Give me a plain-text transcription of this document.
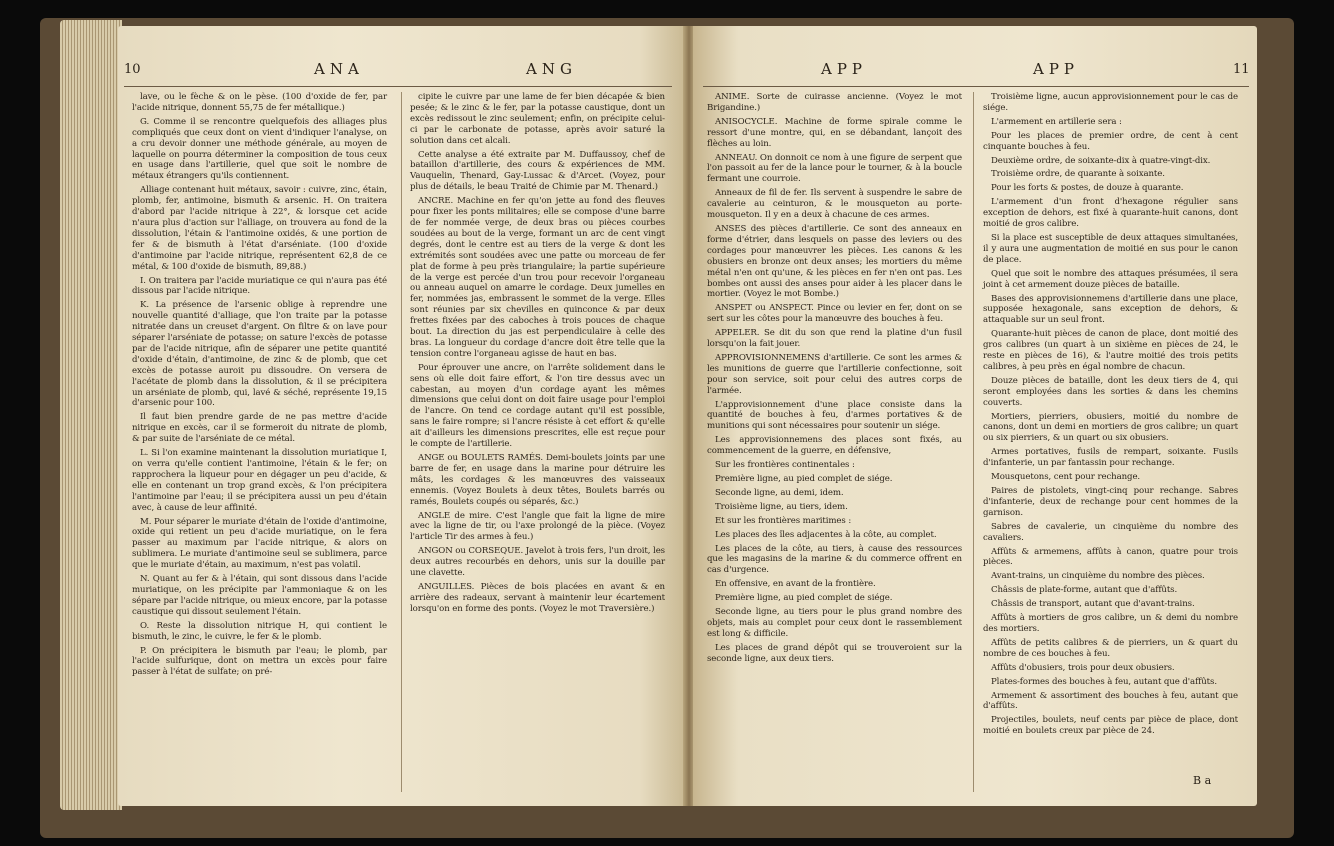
10	ANA	ANG

lave, ou le fèche & on le pèse. (100 d'oxide de fer, par l'acide nitrique, donnent 55,75 de fer métallique.)

G. Comme il se rencontre quelquefois des alliages plus compliqués que ceux dont on vient d'indiquer l'analyse, on a cru devoir donner une méthode générale, au moyen de laquelle on pourra déterminer la composition de tous ceux en usage dans l'artillerie, quel que soit le nombre de métaux étrangers qu'ils contiennent.

Alliage contenant huit métaux, savoir : cuivre, zinc, étain, plomb, fer, antimoine, bismuth & arsenic. H. On traitera d'abord par l'acide nitrique à 22°, & lorsque cet acide n'aura plus d'action sur l'alliage, on trouvera au fond de la dissolution, l'étain & l'antimoine oxidés, & une portion de fer & de bismuth à l'état d'arséniate. (100 d'oxide d'antimoine par l'acide nitrique, représentent 62,8 de ce métal, & 100 d'oxide de bismuth, 89,88.)

I. On traitera par l'acide muriatique ce qui n'aura pas été dissous par l'acide nitrique.

K. La présence de l'arsenic oblige à reprendre une nouvelle quantité d'alliage, que l'on traite par la potasse nitratée dans un creuset d'argent. On filtre & on lave pour séparer l'arséniate de potasse; on sature l'excès de potasse par de l'acide nitrique, afin de séparer une petite quantité d'oxide d'étain, d'antimoine, de zinc & de plomb, que cet excès de potasse auroit pu dissoudre. On versera de l'acétate de plomb dans la dissolution, & il se précipitera un arséniate de plomb, qui, lavé & séché, représente 19,15 d'arsenic pour 100.

Il faut bien prendre garde de ne pas mettre d'acide nitrique en excès, car il se formeroit du nitrate de plomb, & par suite de l'arséniate de ce métal.

L. Si l'on examine maintenant la dissolution muriatique I, on verra qu'elle contient l'antimoine, l'étain & le fer; on rapprochera la liqueur pour en dégager un peu d'acide, & elle en contenant un trop grand excès, & l'on précipitera l'antimoine par l'eau; il se précipitera aussi un peu d'étain avec, à cause de leur affinité.

M. Pour séparer le muriate d'étain de l'oxide d'antimoine, oxide qui retient un peu d'acide muriatique, on le fera passer au maximum par l'acide nitrique, & alors on sublimera. Le muriate d'antimoine seul se sublimera, parce que le muriate d'étain, au maximum, n'est pas volatil.

N. Quant au fer & à l'étain, qui sont dissous dans l'acide muriatique, on les précipite par l'ammoniaque & on les sépare par l'acide nitrique, ou mieux encore, par la potasse caustique qui dissout seulement l'étain.

O. Reste la dissolution nitrique H, qui contient le bismuth, le zinc, le cuivre, le fer & le plomb.

P. On précipitera le bismuth par l'eau; le plomb, par l'acide sulfurique, dont on mettra un excès pour faire passer à l'état de sulfate; on pré-

cipite le cuivre par une lame de fer bien décapée & bien pesée; & le zinc & le fer, par la potasse caustique, dont un excès redissout le zinc seulement; enfin, on précipite celui-ci par le carbonate de potasse, après avoir saturé la solution dans cet alcali.

Cette analyse a été extraite par M. Duffaussoy, chef de bataillon d'artillerie, des cours & expériences de MM. Vauquelin, Thenard, Gay-Lussac & d'Arcet. (Voyez, pour plus de détails, le beau Traité de Chimie par M. Thenard.)

ANCRE. Machine en fer qu'on jette au fond des fleuves pour fixer les ponts militaires; elle se compose d'une barre de fer nommée verge, de deux bras ou pièces courbes soudées au bout de la verge, formant un arc de cent vingt degrés, dont le centre est au tiers de la verge & dont les extrémités sont soudées avec une patte ou morceau de fer plat de forme à peu près triangulaire; la partie supérieure de la verge est percée d'un trou pour recevoir l'organeau ou anneau auquel on amarre le cordage. Deux jumelles en fer, nommées jas, embrassent le sommet de la verge. Elles sont réunies par six chevilles en quinconce & par deux frettes fixées par des caboches à trois pouces de chaque bout. La direction du jas est perpendiculaire à celle des bras. La longueur du cordage d'ancre doit être telle que la tension contre l'organeau agisse de haut en bas.

Pour éprouver une ancre, on l'arrête solidement dans le sens où elle doit faire effort, & l'on tire dessus avec un cabestan, au moyen d'un cordage ayant les mêmes dimensions que celui dont on doit faire usage pour l'emploi de l'ancre. On tend ce cordage autant qu'il est possible, sans le faire rompre; si l'ancre résiste à cet effort & qu'elle ait d'ailleurs les dimensions prescrites, elle est reçue pour le compte de l'artillerie.

ANGE ou BOULETS RAMÉS. Demi-boulets joints par une barre de fer, en usage dans la marine pour détruire les mâts, les cordages & les manœuvres des vaisseaux ennemis. (Voyez Boulets à deux têtes, Boulets barrés ou ramés, Boulets coupés ou séparés, &c.)

ANGLE de mire. C'est l'angle que fait la ligne de mire avec la ligne de tir, ou l'axe prolongé de la pièce. (Voyez l'article Tir des armes à feu.)

ANGON ou CORSEQUE. Javelot à trois fers, l'un droit, les deux autres recourbés en dehors, unis sur la douille par une clavette.

ANGUILLES. Pièces de bois placées en avant & en arrière des radeaux, servant à maintenir leur écartement lorsqu'on en forme des ponts. (Voyez le mot Traversière.)

APP	APP	11

ANIME. Sorte de cuirasse ancienne. (Voyez le mot Brigandine.)

ANISOCYCLE. Machine de forme spirale comme le ressort d'une montre, qui, en se débandant, lançoit des flèches au loin.

ANNEAU. On donnoit ce nom à une figure de serpent que l'on passoit au fer de la lance pour le tourner, & à la boucle fermant une courroie.

Anneaux de fil de fer. Ils servent à suspendre le sabre de cavalerie au ceinturon, & le mousqueton au porte-mousqueton. Il y en a deux à chacune de ces armes.

ANSES des pièces d'artillerie. Ce sont des anneaux en forme d'étrier, dans lesquels on passe des leviers ou des cordages pour manœuvrer les pièces. Les canons & les obusiers en bronze ont deux anses; les mortiers du même métal n'en ont qu'une, & les pièces en fer n'en ont pas. Les bombes ont aussi des anses pour aider à les placer dans le mortier. (Voyez le mot Bombe.)

ANSPET ou ANSPECT. Pince ou levier en fer, dont on se sert sur les côtes pour la manœuvre des bouches à feu.

APPELER. Se dit du son que rend la platine d'un fusil lorsqu'on la fait jouer.

APPROVISIONNEMENS d'artillerie. Ce sont les armes & les munitions de guerre que l'artillerie confectionne, soit pour son service, soit pour celui des autres corps de l'armée.

L'approvisionnement d'une place consiste dans la quantité de bouches à feu, d'armes portatives & de munitions qui sont nécessaires pour soutenir un siége.

Les approvisionnemens des places sont fixés, au commencement de la guerre, en défensive,

Sur les frontières continentales :

Première ligne, au pied complet de siége.

Seconde ligne, au demi, idem.

Troisième ligne, au tiers, idem.

Et sur les frontières maritimes :

Les places des îles adjacentes à la côte, au complet.

Les places de la côte, au tiers, à cause des ressources que les magasins de la marine & du commerce offrent en cas d'urgence.

En offensive, en avant de la frontière.

Première ligne, au pied complet de siége.

Seconde ligne, au tiers pour le plus grand nombre des objets, mais au complet pour ceux dont le rassemblement est long & difficile.

Les places de grand dépôt qui se trouveroient sur la seconde ligne, aux deux tiers.

Troisième ligne, aucun approvisionnement pour le cas de siége.

L'armement en artillerie sera :

Pour les places de premier ordre, de cent à cent cinquante bouches à feu.

Deuxième ordre, de soixante-dix à quatre-vingt-dix.

Troisième ordre, de quarante à soixante.

Pour les forts & postes, de douze à quarante.

L'armement d'un front d'hexagone régulier sans exception de dehors, est fixé à quarante-huit canons, dont moitié de gros calibre.

Si la place est susceptible de deux attaques simultanées, il y aura une augmentation de moitié en sus pour le canon de place.

Quel que soit le nombre des attaques présumées, il sera joint à cet armement douze pièces de bataille.

Bases des approvisionnemens d'artillerie dans une place, supposée hexagonale, sans exception de dehors, & attaquable sur un seul front.

Quarante-huit pièces de canon de place, dont moitié des gros calibres (un quart à un sixième en pièces de 24, le reste en pièces de 16), & l'autre moitié des trois petits calibres, à peu près en égal nombre de chacun.

Douze pièces de bataille, dont les deux tiers de 4, qui seront employées dans les sorties & dans les chemins couverts.

Mortiers, pierriers, obusiers, moitié du nombre de canons, dont un demi en mortiers de gros calibre; un quart ou six pierriers, & un quart ou six obusiers.

Armes portatives, fusils de rempart, soixante. Fusils d'infanterie, un par fantassin pour rechange.

Mousquetons, cent pour rechange.

Paires de pistolets, vingt-cinq pour rechange. Sabres d'infanterie, deux de rechange pour cent hommes de la garnison.

Sabres de cavalerie, un cinquième du nombre des cavaliers.

Affûts & armemens, affûts à canon, quatre pour trois pièces.

Avant-trains, un cinquième du nombre des pièces.

Châssis de plate-forme, autant que d'affûts.

Châssis de transport, autant que d'avant-trains.

Affûts à mortiers de gros calibre, un & demi du nombre des mortiers.

Affûts de petits calibres & de pierriers, un & quart du nombre de ces bouches à feu.

Affûts d'obusiers, trois pour deux obusiers.

Plates-formes des bouches à feu, autant que d'affûts.

Armement & assortiment des bouches à feu, autant que d'affûts.

Projectiles, boulets, neuf cents par pièce de place, dont moitié en boulets creux par pièce de 24.

B a
